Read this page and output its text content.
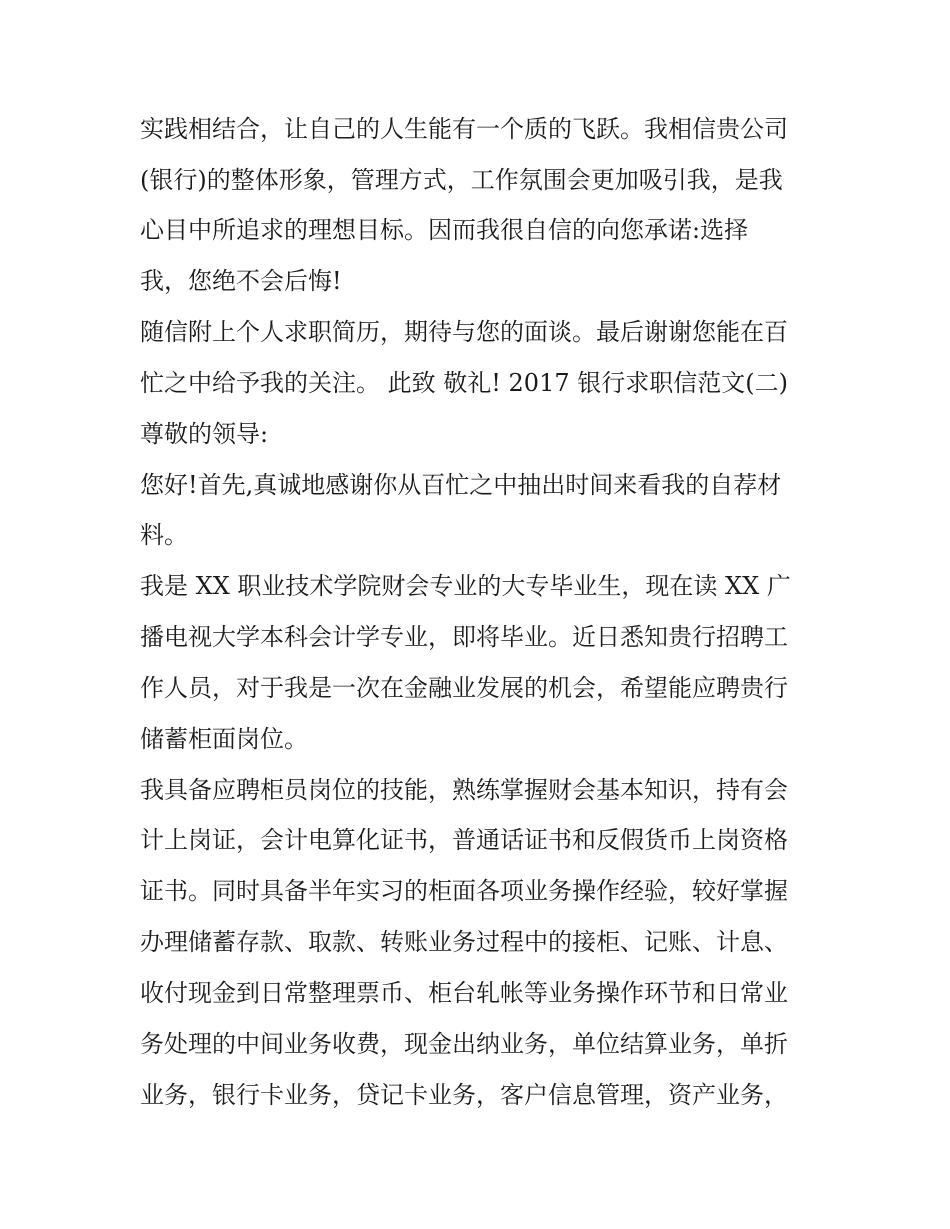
实践相结合，让自己的人生能有一个质的飞跃。我相信贵公司

(银行)的整体形象，管理方式，工作氛围会更加吸引我，是我

心目中所追求的理想目标。因而我很自信的向您承诺:选择

我，您绝不会后悔!

随信附上个人求职简历，期待与您的面谈。最后谢谢您能在百

忙之中给予我的关注。 此致 敬礼! 2017 银行求职信范文(二)

尊敬的领导:

您好!首先,真诚地感谢你从百忙之中抽出时间来看我的自荐材

料。

我是 XX 职业技术学院财会专业的大专毕业生，现在读 XX 广

播电视大学本科会计学专业，即将毕业。近日悉知贵行招聘工

作人员，对于我是一次在金融业发展的机会，希望能应聘贵行

储蓄柜面岗位。

我具备应聘柜员岗位的技能，熟练掌握财会基本知识，持有会

计上岗证，会计电算化证书，普通话证书和反假货币上岗资格

证书。同时具备半年实习的柜面各项业务操作经验，较好掌握

办理储蓄存款、取款、转账业务过程中的接柜、记账、计息、

收付现金到日常整理票币、柜台轧帐等业务操作环节和日常业

务处理的中间业务收费，现金出纳业务，单位结算业务，单折

业务，银行卡业务，贷记卡业务，客户信息管理，资产业务，
